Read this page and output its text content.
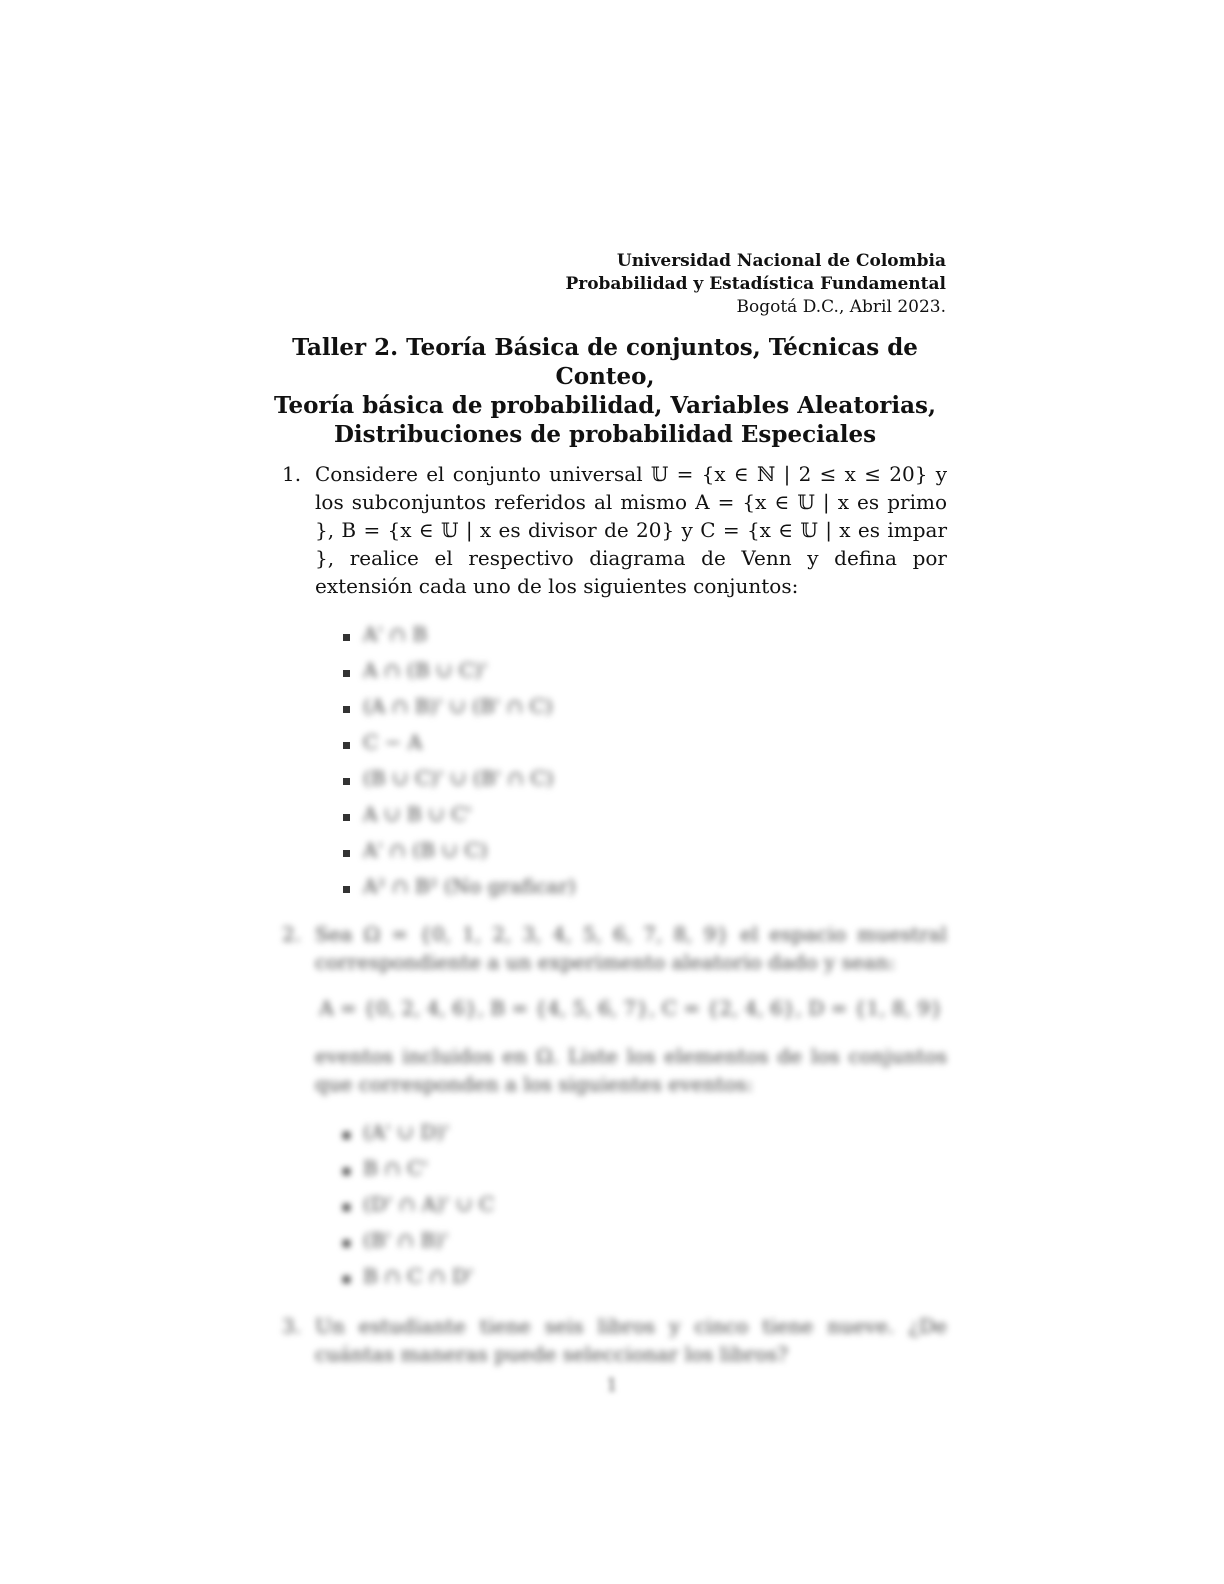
Universidad Nacional de Colombia
Probabilidad y Estadística Fundamental
Bogotá D.C., Abril 2023.
Taller 2. Teoría Básica de conjuntos, Técnicas de Conteo,
Teoría básica de probabilidad, Variables Aleatorias,
Distribuciones de probabilidad Especiales
1. Considere el conjunto universal 𝕌 = {x ∈ ℕ | 2 ≤ x ≤ 20} y los subconjuntos referidos al mismo A = {x ∈ 𝕌 | x es primo }, B = {x ∈ 𝕌 | x es divisor de 20} y C = {x ∈ 𝕌 | x es impar }, realice el respectivo diagrama de Venn y defina por extensión cada uno de los siguientes conjuntos:
A' ∩ B
A ∩ (B ∪ C)'
(A ∩ B)' ∪ (B' ∩ C)
C − A
(B ∪ C)' ∪ (B' ∩ C)
A ∪ B ∪ C'
A' ∩ (B ∪ C)
A² ∩ B² (No graficar)
2. Sea Ω = {0, 1, 2, 3, 4, 5, 6, 7, 8, 9} el espacio muestral correspondiente a un experimento aleatorio dado y sean:
A = {0, 2, 4, 6}, B = {4, 5, 6, 7}, C = {2, 4, 6}, D = {1, 8, 9}
eventos incluidos en Ω. Liste los elementos de los conjuntos que corresponden a los siguientes eventos:
(A' ∪ D)'
B ∩ C'
(D' ∩ A)' ∪ C
(B' ∩ B)'
B ∩ C ∩ D'
3. Un estudiante tiene seis libros y cinco tiene nueve. ¿De cuántas maneras puede seleccionar los libros?
1
